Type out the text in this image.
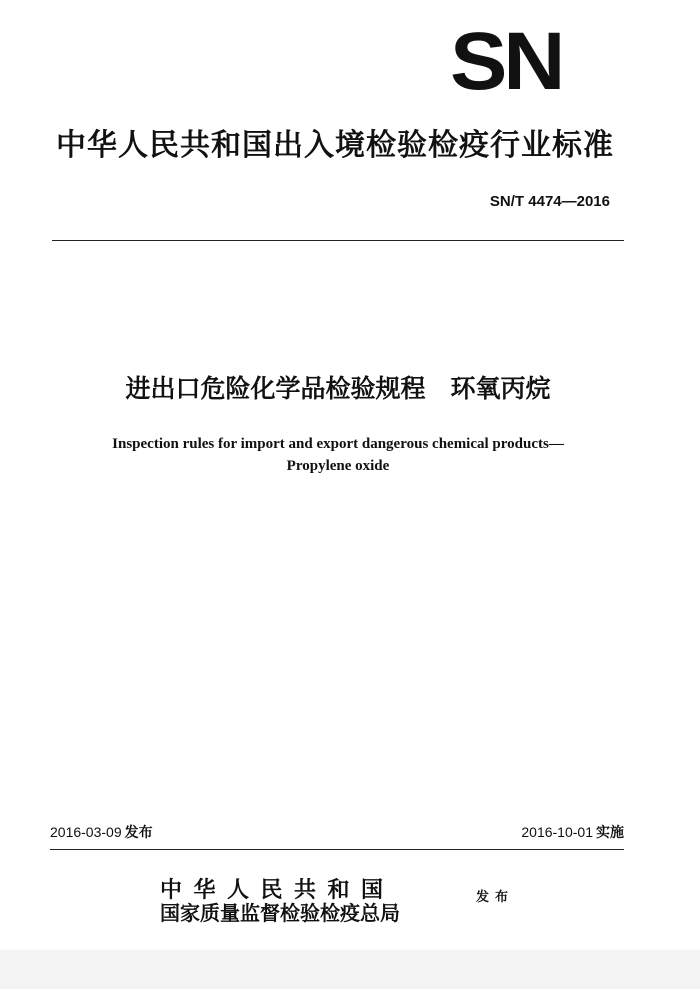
SN
中华人民共和国出入境检验检疫行业标准
SN/T 4474—2016
进出口危险化学品检验规程　环氧丙烷
Inspection rules for import and export dangerous chemical products—
Propylene oxide
2016-03-09 发布	2016-10-01 实施
中华人民共和国
国家质量监督检验检疫总局
发布
